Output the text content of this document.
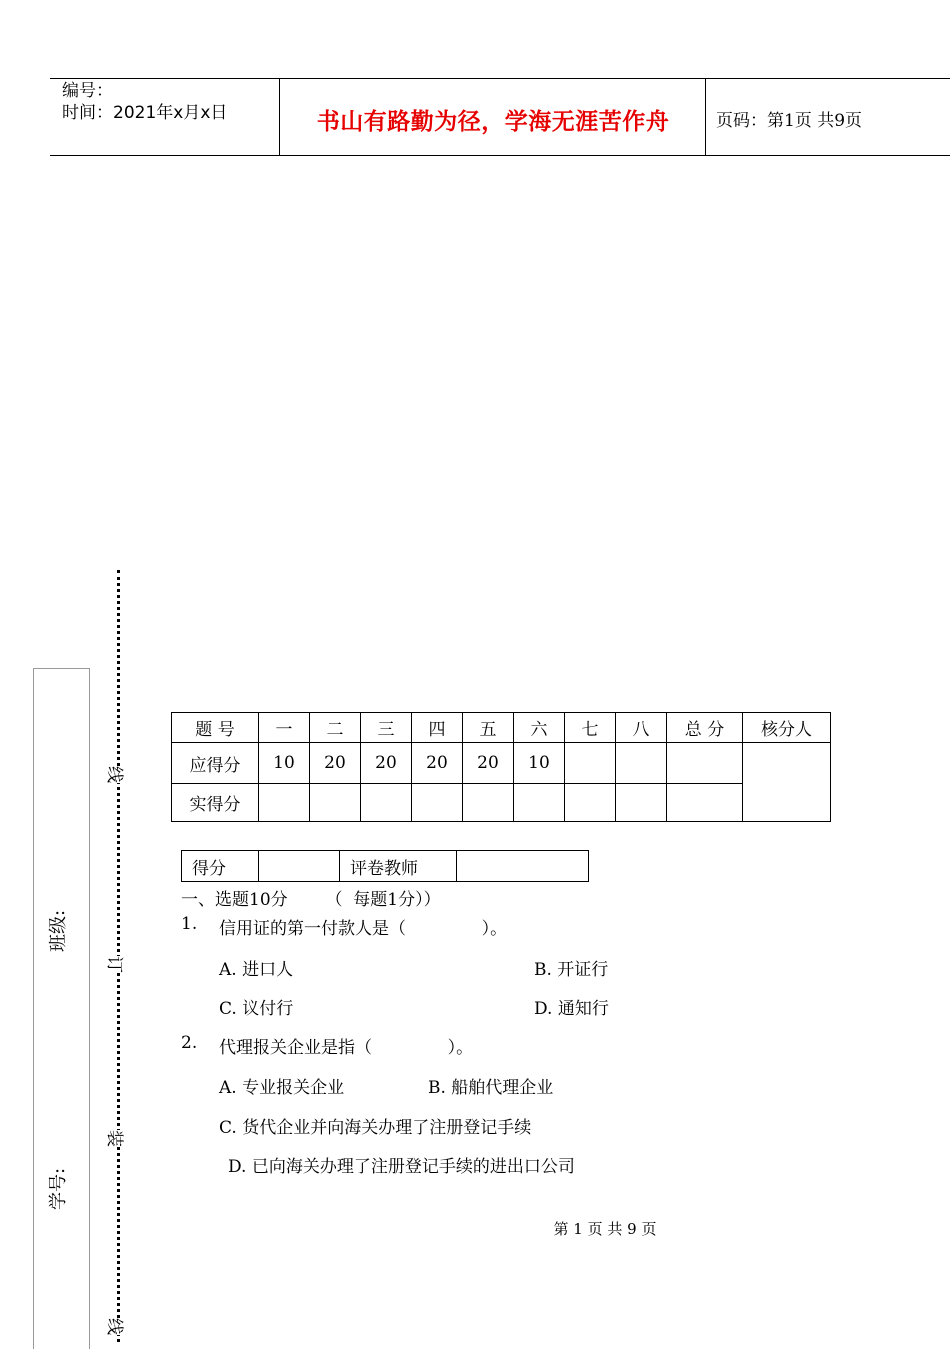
编号：
时间：2021年x月x日	书山有路勤为径，学海无涯苦作舟	页码：第1页 共9页
班级:
学号:
线
订
装
线
题 号	一	二	三	四	五	六	七	八	总 分	核分人
应得分	10	20	20	20	20	10				
实得分										
得分		评卷教师	
一、选题10分       （  每题1分））
1. 信用证的第一付款人是（              ）。
A. 进口人	B. 开证行
C. 议付行	D. 通知行
2. 代理报关企业是指（              ）。
A. 专业报关企业	B. 船舶代理企业
C. 货代企业并向海关办理了注册登记手续
D. 已向海关办理了注册登记手续的进出口公司
第 1 页 共 9 页
